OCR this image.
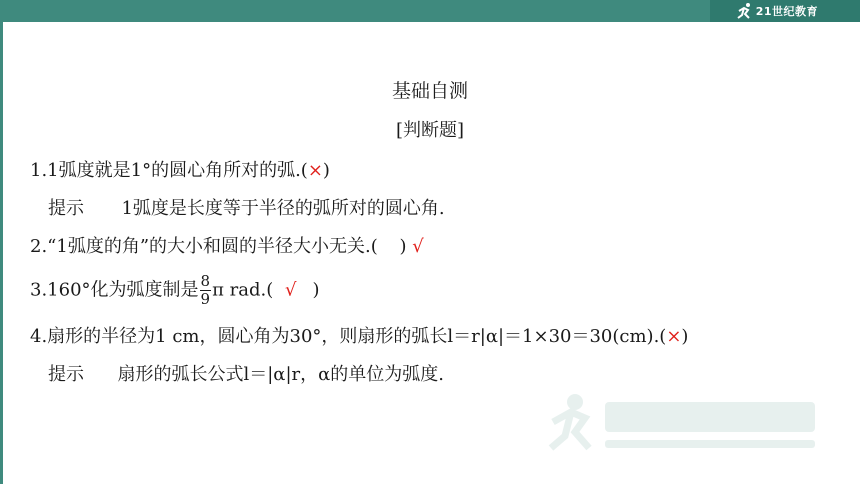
21世纪教育
基础自测
[判断题]
1.1弧度就是1°的圆心角所对的弧.(×)
提示 1弧度是长度等于半径的弧所对的圆心角.
2.“1弧度的角”的大小和圆的半径大小无关.( ) √
3.160°化为弧度制是 $\frac{8}{9}$ π rad.( √ )
4.扇形的半径为1 cm，圆心角为30°，则扇形的弧长l＝r|α|＝1×30＝30(cm).(×)
提示 扇形的弧长公式l＝|α|r，α的单位为弧度.
